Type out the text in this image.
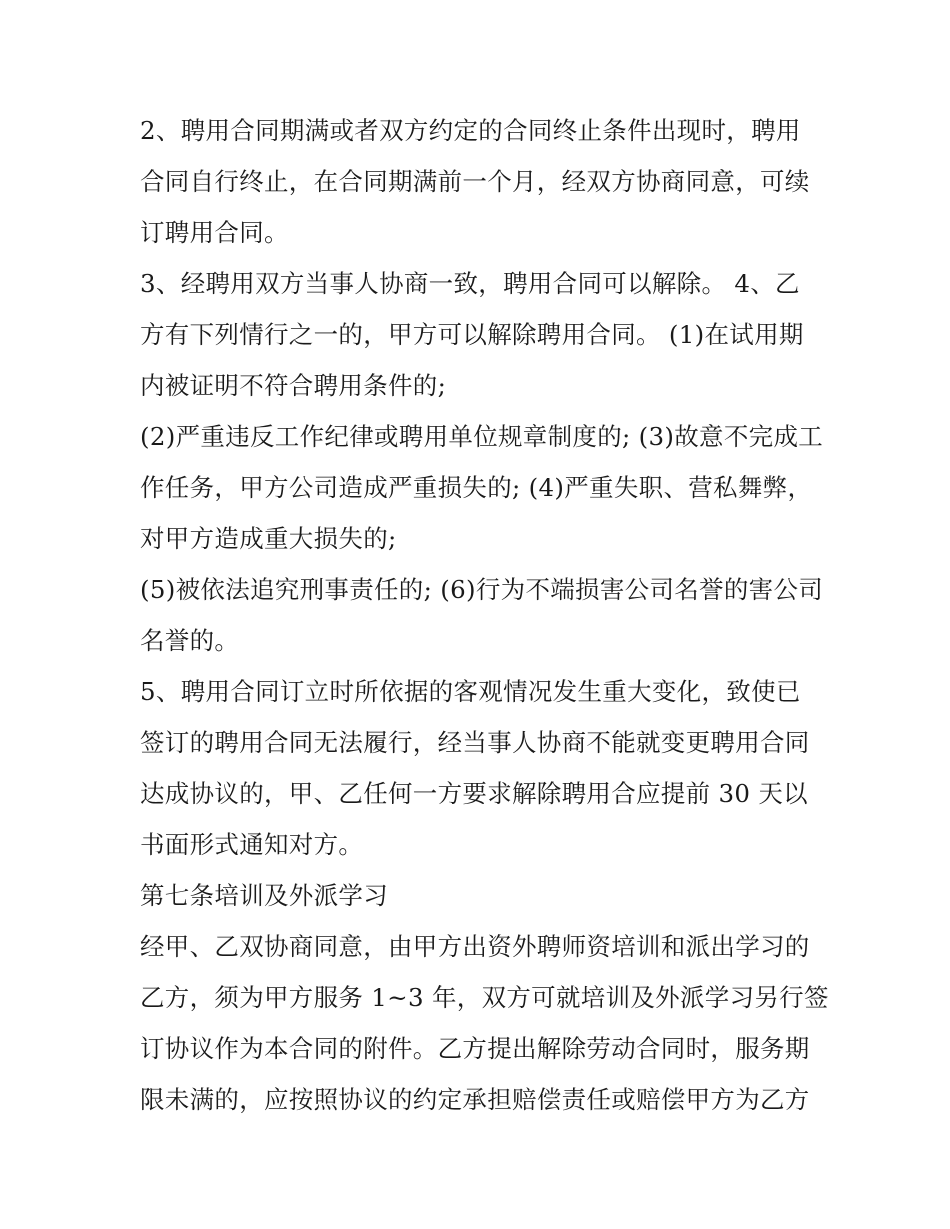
2、聘用合同期满或者双方约定的合同终止条件出现时，聘用
合同自行终止，在合同期满前一个月，经双方协商同意，可续
订聘用合同。
3、经聘用双方当事人协商一致，聘用合同可以解除。 4、乙
方有下列情行之一的，甲方可以解除聘用合同。 (1)在试用期
内被证明不符合聘用条件的;
(2)严重违反工作纪律或聘用单位规章制度的; (3)故意不完成工
作任务，甲方公司造成严重损失的; (4)严重失职、营私舞弊，
对甲方造成重大损失的;
(5)被依法追究刑事责任的; (6)行为不端损害公司名誉的害公司
名誉的。
5、聘用合同订立时所依据的客观情况发生重大变化，致使已
签订的聘用合同无法履行，经当事人协商不能就变更聘用合同
达成协议的，甲、乙任何一方要求解除聘用合应提前 30 天以
书面形式通知对方。
第七条培训及外派学习
经甲、乙双协商同意，由甲方出资外聘师资培训和派出学习的
乙方，须为甲方服务 1~3 年，双方可就培训及外派学习另行签
订协议作为本合同的附件。乙方提出解除劳动合同时，服务期
限未满的，应按照协议的约定承担赔偿责任或赔偿甲方为乙方
